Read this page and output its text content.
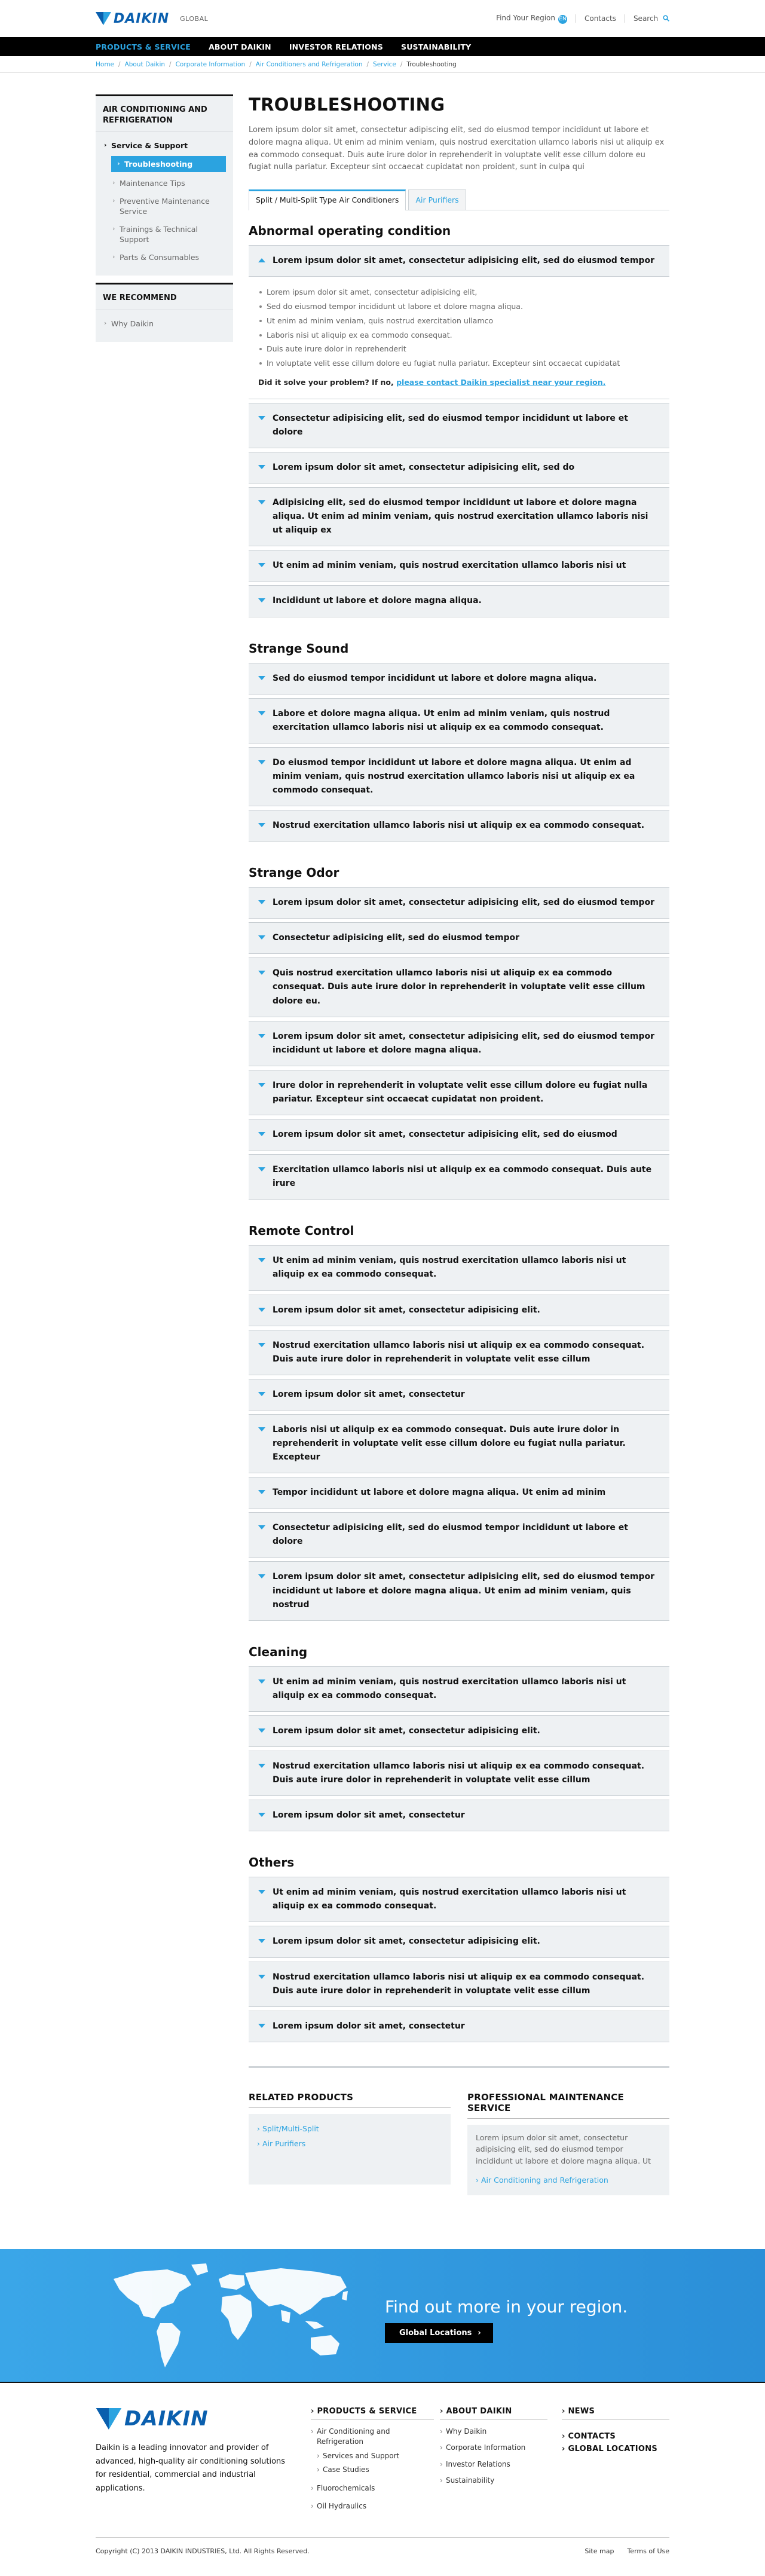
DAIKIN GLOBAL	Find Your Region EN	Contacts Search
PRODUCTS & SERVICE ABOUT DAIKIN INVESTOR RELATIONS SUSTAINABILITY
Home / About Daikin / Corporate Information / Air Conditioners and Refrigeration / Service / Troubleshooting
AIR CONDITIONING AND REFRIGERATION
› Service & Support
› Troubleshooting
› Maintenance Tips
› Preventive Maintenance Service
› Trainings & Technical Support
› Parts & Consumables
WE RECOMMEND
› Why Daikin
TROUBLESHOOTING

Lorem ipsum dolor sit amet, consectetur adipiscing elit, sed do eiusmod tempor incididunt ut labore et dolore magna aliqua. Ut enim ad minim veniam, quis nostrud exercitation ullamco laboris nisi ut aliquip ex ea commodo consequat. Duis aute irure dolor in reprehenderit in voluptate velit esse cillum dolore eu fugiat nulla pariatur. Excepteur sint occaecat cupidatat non proident, sunt in culpa qui

Split / Multi-Split Type Air Conditioners	Air Purifiers
Abnormal operating condition
Lorem ipsum dolor sit amet, consectetur adipisicing elit, sed do eiusmod tempor
Lorem ipsum dolor sit amet, consectetur adipisicing elit,
Sed do eiusmod tempor incididunt ut labore et dolore magna aliqua.
Ut enim ad minim veniam, quis nostrud exercitation ullamco
Laboris nisi ut aliquip ex ea commodo consequat.
Duis aute irure dolor in reprehenderit
In voluptate velit esse cillum dolore eu fugiat nulla pariatur. Excepteur sint occaecat cupidatat

Did it solve your problem? If no, please contact Daikin specialist near your region.

Consectetur adipisicing elit, sed do eiusmod tempor incididunt ut labore et dolore
Lorem ipsum dolor sit amet, consectetur adipisicing elit, sed do
Adipisicing elit, sed do eiusmod tempor incididunt ut labore et dolore magna aliqua. Ut enim ad minim veniam, quis nostrud exercitation ullamco laboris nisi ut aliquip ex
Ut enim ad minim veniam, quis nostrud exercitation ullamco laboris nisi ut
Incididunt ut labore et dolore magna aliqua.
Strange Sound
Sed do eiusmod tempor incididunt ut labore et dolore magna aliqua.
Labore et dolore magna aliqua. Ut enim ad minim veniam, quis nostrud exercitation ullamco laboris nisi ut aliquip ex ea commodo consequat.
Do eiusmod tempor incididunt ut labore et dolore magna aliqua. Ut enim ad minim veniam, quis nostrud exercitation ullamco laboris nisi ut aliquip ex ea commodo consequat.
Nostrud exercitation ullamco laboris nisi ut aliquip ex ea commodo consequat.
Strange Odor
Lorem ipsum dolor sit amet, consectetur adipisicing elit, sed do eiusmod tempor
Consectetur adipisicing elit, sed do eiusmod tempor
Quis nostrud exercitation ullamco laboris nisi ut aliquip ex ea commodo consequat. Duis aute irure dolor in reprehenderit in voluptate velit esse cillum dolore eu.
Lorem ipsum dolor sit amet, consectetur adipisicing elit, sed do eiusmod tempor incididunt ut labore et dolore magna aliqua.
Irure dolor in reprehenderit in voluptate velit esse cillum dolore eu fugiat nulla pariatur. Excepteur sint occaecat cupidatat non proident.
Lorem ipsum dolor sit amet, consectetur adipisicing elit, sed do eiusmod
Exercitation ullamco laboris nisi ut aliquip ex ea commodo consequat. Duis aute irure
Remote Control
Ut enim ad minim veniam, quis nostrud exercitation ullamco laboris nisi ut aliquip ex ea commodo consequat.
Lorem ipsum dolor sit amet, consectetur adipisicing elit.
Nostrud exercitation ullamco laboris nisi ut aliquip ex ea commodo consequat. Duis aute irure dolor in reprehenderit in voluptate velit esse cillum
Lorem ipsum dolor sit amet, consectetur
Laboris nisi ut aliquip ex ea commodo consequat. Duis aute irure dolor in reprehenderit in voluptate velit esse cillum dolore eu fugiat nulla pariatur. Excepteur
Tempor incididunt ut labore et dolore magna aliqua. Ut enim ad minim
Consectetur adipisicing elit, sed do eiusmod tempor incididunt ut labore et dolore
Lorem ipsum dolor sit amet, consectetur adipisicing elit, sed do eiusmod tempor incididunt ut labore et dolore magna aliqua. Ut enim ad minim veniam, quis nostrud
Cleaning
Ut enim ad minim veniam, quis nostrud exercitation ullamco laboris nisi ut aliquip ex ea commodo consequat.
Lorem ipsum dolor sit amet, consectetur adipisicing elit.
Nostrud exercitation ullamco laboris nisi ut aliquip ex ea commodo consequat. Duis aute irure dolor in reprehenderit in voluptate velit esse cillum
Lorem ipsum dolor sit amet, consectetur
Others
Ut enim ad minim veniam, quis nostrud exercitation ullamco laboris nisi ut aliquip ex ea commodo consequat.
Lorem ipsum dolor sit amet, consectetur adipisicing elit.
Nostrud exercitation ullamco laboris nisi ut aliquip ex ea commodo consequat. Duis aute irure dolor in reprehenderit in voluptate velit esse cillum
Lorem ipsum dolor sit amet, consectetur
RELATED PRODUCTS
› Split/Multi-Split
› Air Purifiers
PROFESSIONAL MAINTENANCE SERVICE

Lorem ipsum dolor sit amet, consectetur adipisicing elit, sed do eiusmod tempor incididunt ut labore et dolore magna aliqua. Ut

› Air Conditioning and Refrigeration
Find out more in your region.
Global Locations ›
DAIKIN

Daikin is a leading innovator and provider of advanced, high-quality air conditioning solutions for residential, commercial and industrial applications.

› PRODUCTS & SERVICE
› Air Conditioning and Refrigeration
› Services and Support
› Case Studies
› Fluorochemicals
› Oil Hydraulics
› ABOUT DAIKIN
› Why Daikin
› Corporate Information
› Investor Relations
› Sustainability
› NEWS
› CONTACTS
› GLOBAL LOCATIONS
Copyright (C) 2013 DAIKIN INDUSTRIES, Ltd. All Rights Reserved.	Site map Terms of Use
